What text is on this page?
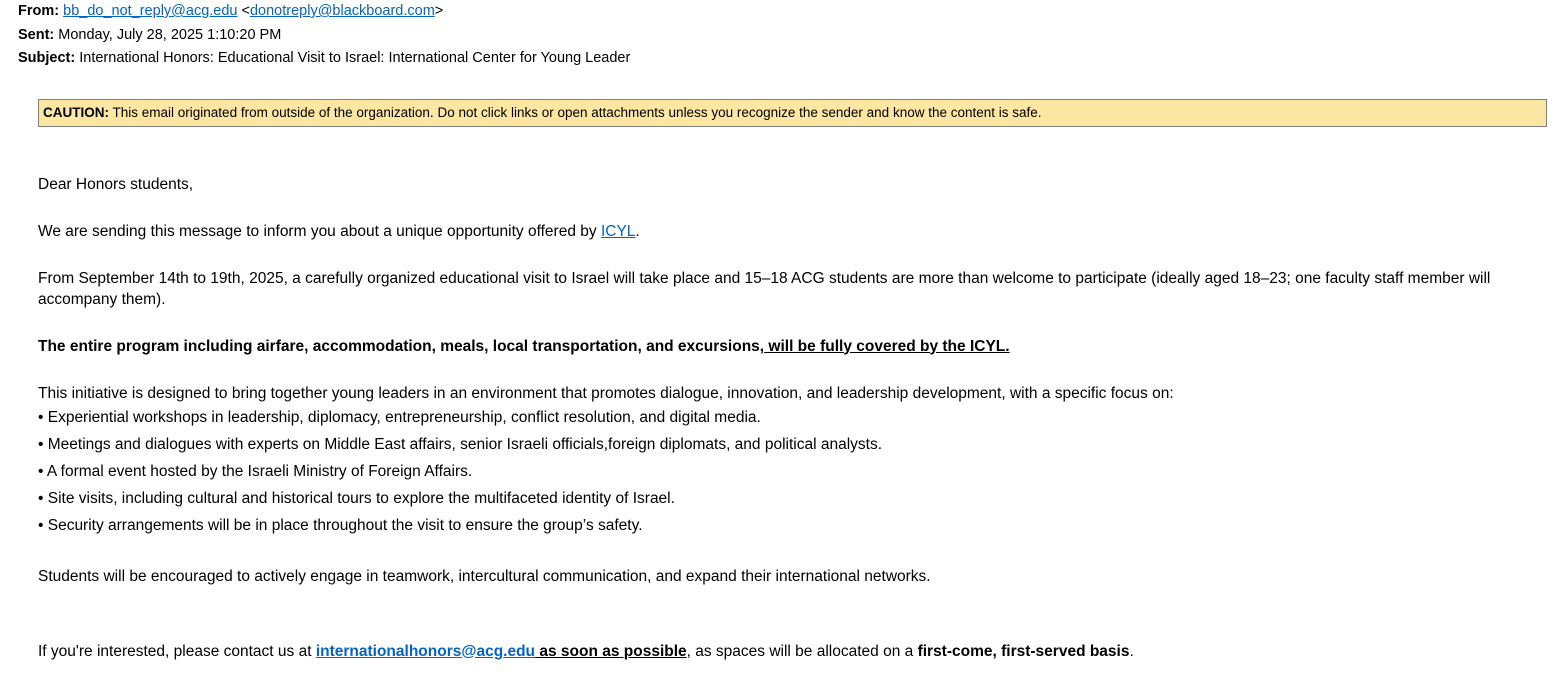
From: bb_do_not_reply@acg.edu <donotreply@blackboard.com>
Sent: Monday, July 28, 2025 1:10:20 PM
Subject: International Honors: Educational Visit to Israel: International Center for Young Leader
CAUTION: This email originated from outside of the organization. Do not click links or open attachments unless you recognize the sender and know the content is safe.

Dear Honors students,

We are sending this message to inform you about a unique opportunity offered by ICYL.

From September 14th to 19th, 2025, a carefully organized educational visit to Israel will take place and 15–18 ACG students are more than welcome to participate (ideally aged 18–23; one faculty staff member will accompany them).

The entire program including airfare, accommodation, meals, local transportation, and excursions, will be fully covered by the ICYL.

This initiative is designed to bring together young leaders in an environment that promotes dialogue, innovation, and leadership development, with a specific focus on:

• Experiential workshops in leadership, diplomacy, entrepreneurship, conflict resolution, and digital media.
• Meetings and dialogues with experts on Middle East affairs, senior Israeli officials,foreign diplomats, and political analysts.
• A formal event hosted by the Israeli Ministry of Foreign Affairs.
• Site visits, including cultural and historical tours to explore the multifaceted identity of Israel.
• Security arrangements will be in place throughout the visit to ensure the group’s safety.

Students will be encouraged to actively engage in teamwork, intercultural communication, and expand their international networks.

If you're interested, please contact us at internationalhonors@acg.edu as soon as possible, as spaces will be allocated on a first-come, first-served basis.
